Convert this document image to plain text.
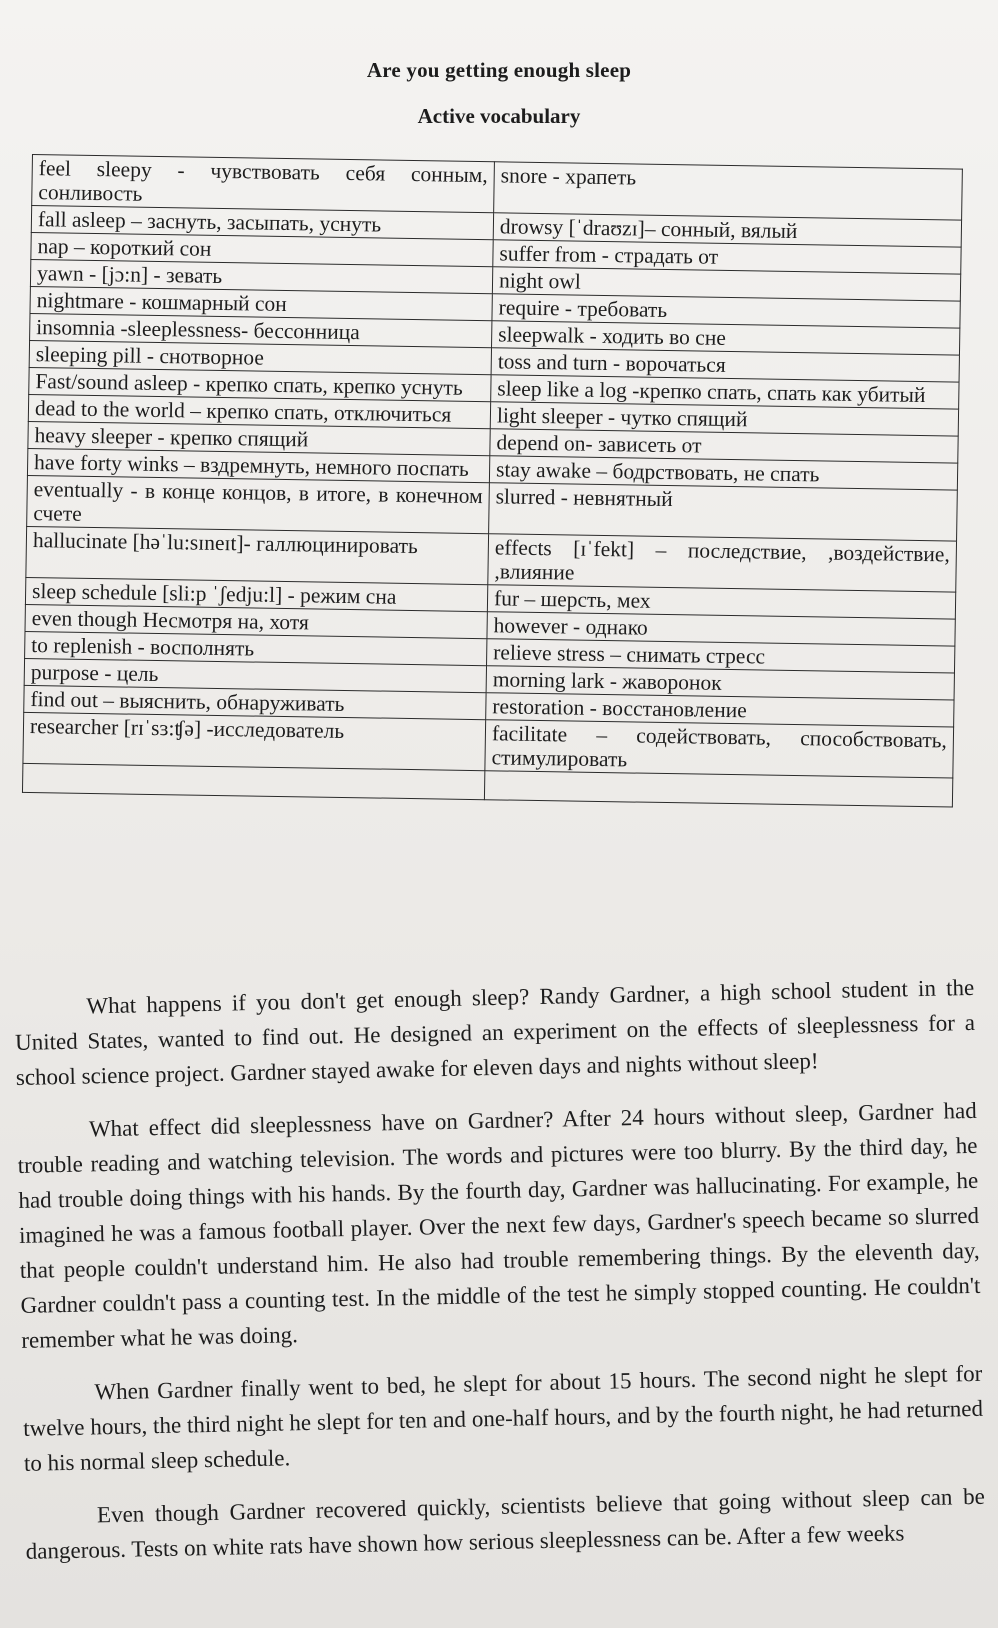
Are you getting enough sleep
Active vocabulary
feel sleepy - чувствовать себя сонным, сонливость	snore - храпеть
fall asleep – заснуть, засыпать, уснуть	drowsy [ˈdraʊzɪ]– сонный, вялый
nap – короткий сон	suffer from - страдать от
yawn - [jɔ:n] - зевать	night owl
nightmare - кошмарный сон	require - требовать
insomnia -sleeplessness- бессонница	sleepwalk - ходить во сне
sleeping pill - снотворное	toss and turn - ворочаться
Fast/sound asleep - крепко спать, крепко уснуть	sleep like a log -крепко спать, спать как убитый
dead to the world – крепко спать, отключиться	light sleeper - чутко спящий
heavy sleeper - крепко спящий	depend on- зависеть от
have forty winks – вздремнуть, немного поспать	stay awake – бодрствовать, не спать
eventually - в конце концов, в итоге, в конечном счете	slurred - невнятный
hallucinate [həˈlu:sɪneɪt]- галлюцинировать	effects [ɪˈfekt] – последствие, ,воздействие, ,влияние
sleep schedule [sli:p ˈʃedju:l] - режим сна	fur – шерсть, мех
even though Несмотря на, хотя	however - однако
to replenish - восполнять	relieve stress – снимать стресс
purpose - цель	morning lark - жаворонок
find out – выяснить, обнаруживать	restoration - восстановление
researcher [rɪˈsɜ:ʧə] -исследователь	facilitate – содействовать, способствовать, стимулировать

What happens if you don't get enough sleep? Randy Gardner, a high school student in the United States, wanted to find out. He designed an experiment on the effects of sleeplessness for a school science project. Gardner stayed awake for eleven days and nights without sleep!

What effect did sleeplessness have on Gardner? After 24 hours without sleep, Gardner had trouble reading and watching television. The words and pictures were too blurry. By the third day, he had trouble doing things with his hands. By the fourth day, Gardner was hallucinating. For example, he imagined he was a famous football player. Over the next few days, Gardner's speech became so slurred that people couldn't understand him. He also had trouble remembering things. By the eleventh day, Gardner couldn't pass a counting test. In the middle of the test he simply stopped counting. He couldn't remember what he was doing.

When Gardner finally went to bed, he slept for about 15 hours. The second night he slept for twelve hours, the third night he slept for ten and one-half hours, and by the fourth night, he had returned to his normal sleep schedule.

Even though Gardner recovered quickly, scientists believe that going without sleep can be dangerous. Tests on white rats have shown how serious sleeplessness can be. After a few weeks
